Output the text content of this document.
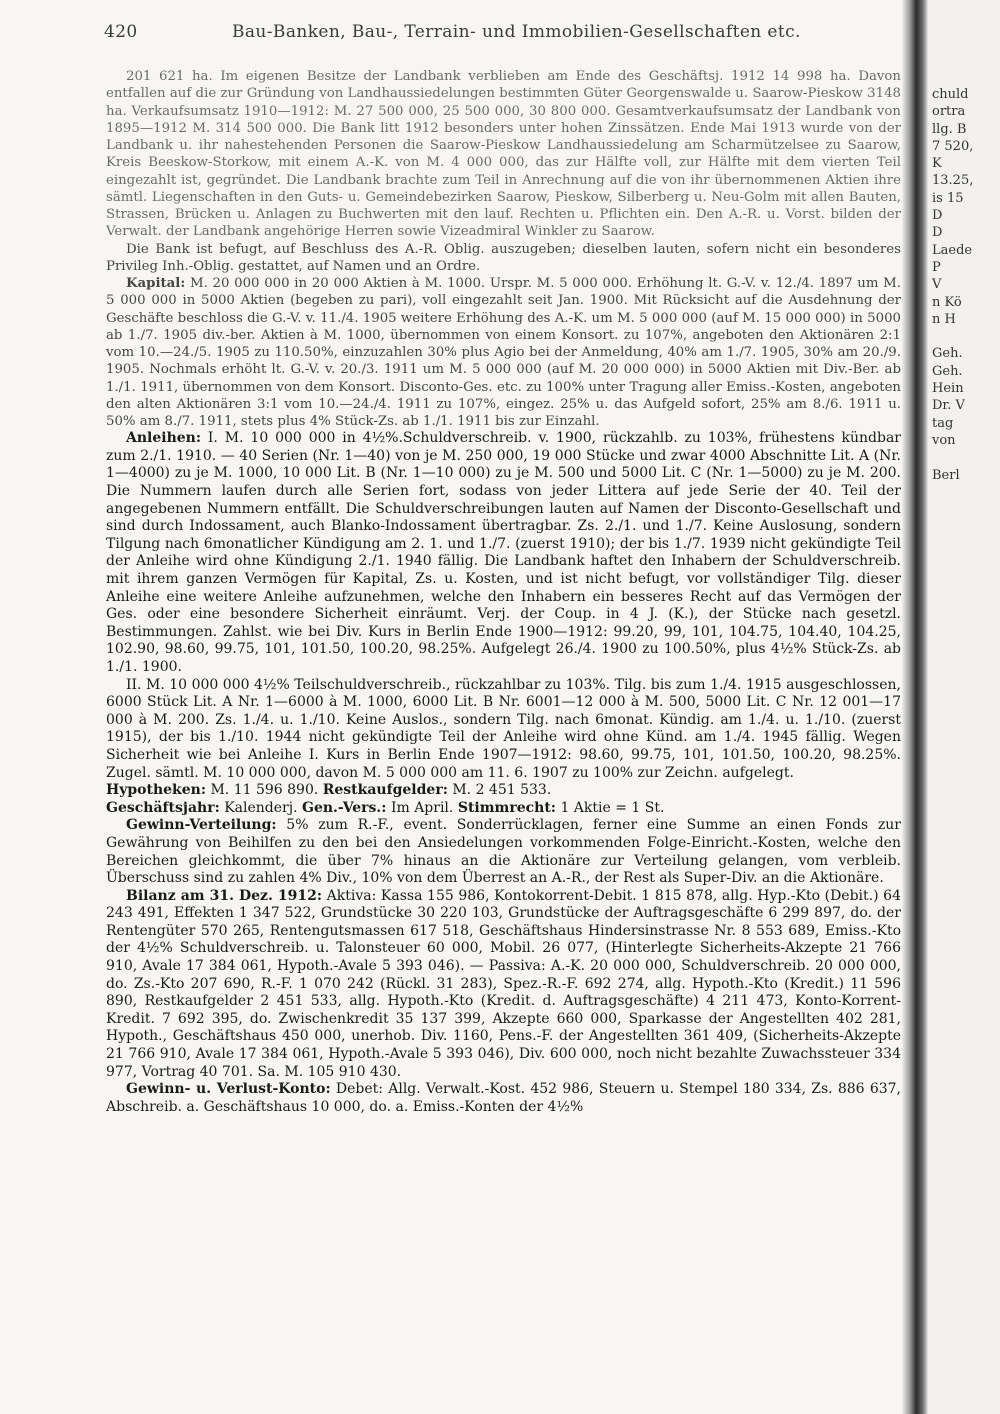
420	Bau-Banken, Bau-, Terrain- und Immobilien-Gesellschaften etc.

201 621 ha. Im eigenen Besitze der Landbank verblieben am Ende des Geschäftsj. 1912 14 998 ha. Davon entfallen auf die zur Gründung von Landhaussiedelungen bestimmten Güter Georgenswalde u. Saarow-Pieskow 3148 ha. Verkaufsumsatz 1910—1912: M. 27 500 000, 25 500 000, 30 800 000. Gesamtverkaufsumsatz der Landbank von 1895—1912 M. 314 500 000. Die Bank litt 1912 besonders unter hohen Zinssätzen. Ende Mai 1913 wurde von der Landbank u. ihr nahestehenden Personen die Saarow-Pieskow Landhaussiedelung am Scharmützelsee zu Saarow, Kreis Beeskow-Storkow, mit einem A.-K. von M. 4 000 000, das zur Hälfte voll, zur Hälfte mit dem vierten Teil eingezahlt ist, gegründet. Die Landbank brachte zum Teil in Anrechnung auf die von ihr übernommenen Aktien ihre sämtl. Liegenschaften in den Guts- u. Gemeindebezirken Saarow, Pieskow, Silberberg u. Neu-Golm mit allen Bauten, Strassen, Brücken u. Anlagen zu Buchwerten mit den lauf. Rechten u. Pflichten ein. Den A.-R. u. Vorst. bilden der Verwalt. der Landbank angehörige Herren sowie Vizeadmiral Winkler zu Saarow.

Die Bank ist befugt, auf Beschluss des A.-R. Oblig. auszugeben; dieselben lauten, sofern nicht ein besonderes Privileg Inh.-Oblig. gestattet, auf Namen und an Ordre.

Kapital: M. 20 000 000 in 20 000 Aktien à M. 1000. Urspr. M. 5 000 000. Erhöhung lt. G.-V. v. 12./4. 1897 um M. 5 000 000 in 5000 Aktien (begeben zu pari), voll eingezahlt seit Jan. 1900. Mit Rücksicht auf die Ausdehnung der Geschäfte beschloss die G.-V. v. 11./4. 1905 weitere Erhöhung des A.-K. um M. 5 000 000 (auf M. 15 000 000) in 5000 ab 1./7. 1905 div.-ber. Aktien à M. 1000, übernommen von einem Konsort. zu 107%, angeboten den Aktionären 2:1 vom 10.—24./5. 1905 zu 110.50%, einzuzahlen 30% plus Agio bei der Anmeldung, 40% am 1./7. 1905, 30% am 20./9. 1905. Nochmals erhöht lt. G.-V. v. 20./3. 1911 um M. 5 000 000 (auf M. 20 000 000) in 5000 Aktien mit Div.-Ber. ab 1./1. 1911, übernommen von dem Konsort. Disconto-Ges. etc. zu 100% unter Tragung aller Emiss.-Kosten, angeboten den alten Aktionären 3:1 vom 10.—24./4. 1911 zu 107%, eingez. 25% u. das Aufgeld sofort, 25% am 8./6. 1911 u. 50% am 8./7. 1911, stets plus 4% Stück-Zs. ab 1./1. 1911 bis zur Einzahl.

Anleihen: I. M. 10 000 000 in 4½%.Schuldverschreib. v. 1900, rückzahlb. zu 103%, frühestens kündbar zum 2./1. 1910. — 40 Serien (Nr. 1—40) von je M. 250 000, 19 000 Stücke und zwar 4000 Abschnitte Lit. A (Nr. 1—4000) zu je M. 1000, 10 000 Lit. B (Nr. 1—10 000) zu je M. 500 und 5000 Lit. C (Nr. 1—5000) zu je M. 200. Die Nummern laufen durch alle Serien fort, sodass von jeder Littera auf jede Serie der 40. Teil der angegebenen Nummern entfällt. Die Schuldverschreibungen lauten auf Namen der Disconto-Gesellschaft und sind durch Indossament, auch Blanko-Indossament übertragbar. Zs. 2./1. und 1./7. Keine Auslosung, sondern Tilgung nach 6monatlicher Kündigung am 2. 1. und 1./7. (zuerst 1910); der bis 1./7. 1939 nicht gekündigte Teil der Anleihe wird ohne Kündigung 2./1. 1940 fällig. Die Landbank haftet den Inhabern der Schuldverschreib. mit ihrem ganzen Vermögen für Kapital, Zs. u. Kosten, und ist nicht befugt, vor vollständiger Tilg. dieser Anleihe eine weitere Anleihe aufzunehmen, welche den Inhabern ein besseres Recht auf das Vermögen der Ges. oder eine besondere Sicherheit einräumt. Verj. der Coup. in 4 J. (K.), der Stücke nach gesetzl. Bestimmungen. Zahlst. wie bei Div. Kurs in Berlin Ende 1900—1912: 99.20, 99, 101, 104.75, 104.40, 104.25, 102.90, 98.60, 99.75, 101, 101.50, 100.20, 98.25%. Aufgelegt 26./4. 1900 zu 100.50%, plus 4½% Stück-Zs. ab 1./1. 1900.

II. M. 10 000 000 4½% Teilschuldverschreib., rückzahlbar zu 103%. Tilg. bis zum 1./4. 1915 ausgeschlossen, 6000 Stück Lit. A Nr. 1—6000 à M. 1000, 6000 Lit. B Nr. 6001—12 000 à M. 500, 5000 Lit. C Nr. 12 001—17 000 à M. 200. Zs. 1./4. u. 1./10. Keine Auslos., sondern Tilg. nach 6monat. Kündig. am 1./4. u. 1./10. (zuerst 1915), der bis 1./10. 1944 nicht gekündigte Teil der Anleihe wird ohne Künd. am 1./4. 1945 fällig. Wegen Sicherheit wie bei Anleihe I. Kurs in Berlin Ende 1907—1912: 98.60, 99.75, 101, 101.50, 100.20, 98.25%. Zugel. sämtl. M. 10 000 000, davon M. 5 000 000 am 11. 6. 1907 zu 100% zur Zeichn. aufgelegt.

Hypotheken: M. 11 596 890. Restkaufgelder: M. 2 451 533.

Geschäftsjahr: Kalenderj. Gen.-Vers.: Im April. Stimmrecht: 1 Aktie = 1 St.

Gewinn-Verteilung: 5% zum R.-F., event. Sonderrücklagen, ferner eine Summe an einen Fonds zur Gewährung von Beihilfen zu den bei den Ansiedelungen vorkommenden Folge-Einricht.-Kosten, welche den Bereichen gleichkommt, die über 7% hinaus an die Aktionäre zur Verteilung gelangen, vom verbleib. Überschuss sind zu zahlen 4% Div., 10% von dem Überrest an A.-R., der Rest als Super-Div. an die Aktionäre.

Bilanz am 31. Dez. 1912: Aktiva: Kassa 155 986, Kontokorrent-Debit. 1 815 878, allg. Hyp.-Kto (Debit.) 64 243 491, Effekten 1 347 522, Grundstücke 30 220 103, Grundstücke der Auftragsgeschäfte 6 299 897, do. der Rentengüter 570 265, Rentengutsmassen 617 518, Geschäftshaus Hindersinstrasse Nr. 8 553 689, Emiss.-Kto der 4½% Schuldverschreib. u. Talonsteuer 60 000, Mobil. 26 077, (Hinterlegte Sicherheits-Akzepte 21 766 910, Avale 17 384 061, Hypoth.-Avale 5 393 046). — Passiva: A.-K. 20 000 000, Schuldverschreib. 20 000 000, do. Zs.-Kto 207 690, R.-F. 1 070 242 (Rückl. 31 283), Spez.-R.-F. 692 274, allg. Hypoth.-Kto (Kredit.) 11 596 890, Restkaufgelder 2 451 533, allg. Hypoth.-Kto (Kredit. d. Auftragsgeschäfte) 4 211 473, Konto-Korrent-Kredit. 7 692 395, do. Zwischenkredit 35 137 399, Akzepte 660 000, Sparkasse der Angestellten 402 281, Hypoth., Geschäftshaus 450 000, unerhob. Div. 1160, Pens.-F. der Angestellten 361 409, (Sicherheits-Akzepte 21 766 910, Avale 17 384 061, Hypoth.-Avale 5 393 046), Div. 600 000, noch nicht bezahlte Zuwachssteuer 334 977, Vortrag 40 701. Sa. M. 105 910 430.

Gewinn- u. Verlust-Konto: Debet: Allg. Verwalt.-Kost. 452 986, Steuern u. Stempel 180 334, Zs. 886 637, Abschreib. a. Geschäftshaus 10 000, do. a. Emiss.-Konten der 4½%

chuld
ortra
llg. B
7 520,
K
13.25,
is 15
D
D
Laede
P
V
n Kö
n H
Geh.
Geh.
Hein
Dr. V
tag
von
Berl
